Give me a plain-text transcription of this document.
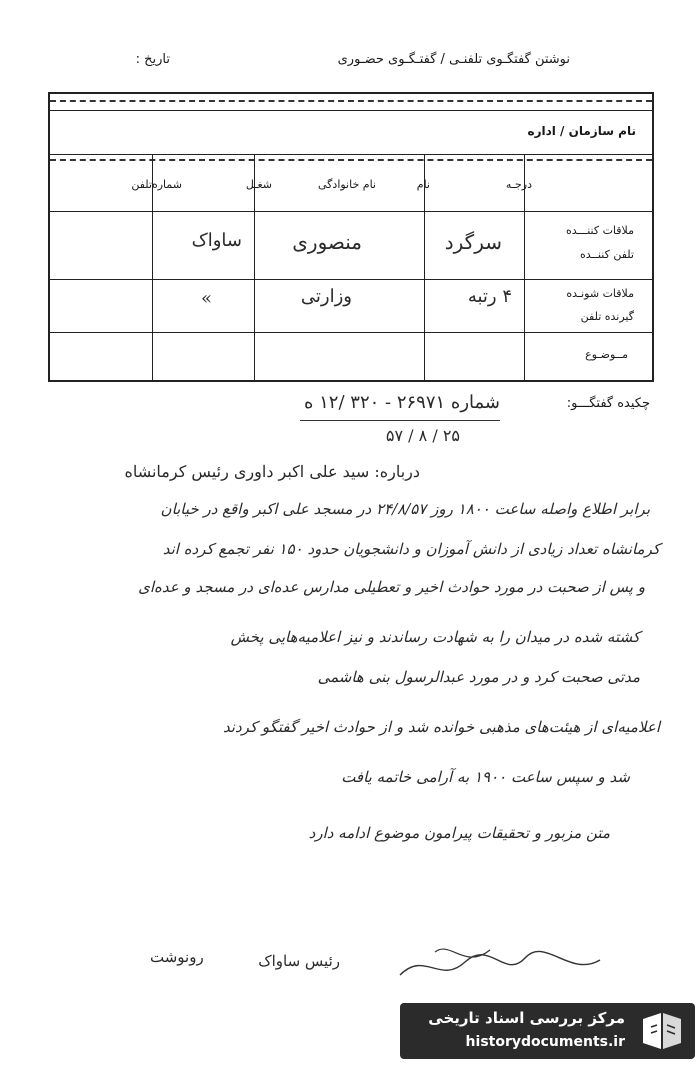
نوشتن گفتگـوی تلفنـی / گفتـگـوی حضـوری
تاریخ :
نام سازمان / اداره
درجـه
نام
نام خانوادگی
شغـل
شماره‌تلفن
ملاقات کننـــده
تلفن کننــده
ملاقات شونـده
گیرنده تلفن
مــوضـوع
سرگرد
منصوری
ساواک
۴ رتبه
وزارتی
»
چکیده گفتگـــو:
شماره ۲۶۹۷۱ - ۳۲۰ /۱۲ ه
۲۵ / ۸ / ۵۷
درباره: سید علی اکبر داوری رئیس کرمانشاه
برابر اطلاع واصله ساعت ۱۸۰۰ روز ۲۴/۸/۵۷ در مسجد علی اکبر واقع در خیابان
کرمانشاه تعداد زیادی از دانش آموزان و دانشجویان حدود ۱۵۰ نفر تجمع کرده اند
و پس از صحبت در مورد حوادث اخیر و تعطیلی مدارس عده‌ای در مسجد و عده‌ای
کشته شده در میدان را به شهادت رساندند و نیز اعلامیه‌هایی پخش
مدتی صحبت کرد و در مورد عبدالرسول بنی هاشمی
اعلامیه‌ای از هیئت‌های مذهبی خوانده شد و از حوادث اخیر گفتگو کردند
شد و سپس ساعت ۱۹۰۰ به آرامی خاتمه یافت
متن مزبور و تحقیقات پیرامون موضوع ادامه دارد
رونوشت	رئیس ساواک
مرکز بررسی اسناد تاریخی
historydocuments.ir
